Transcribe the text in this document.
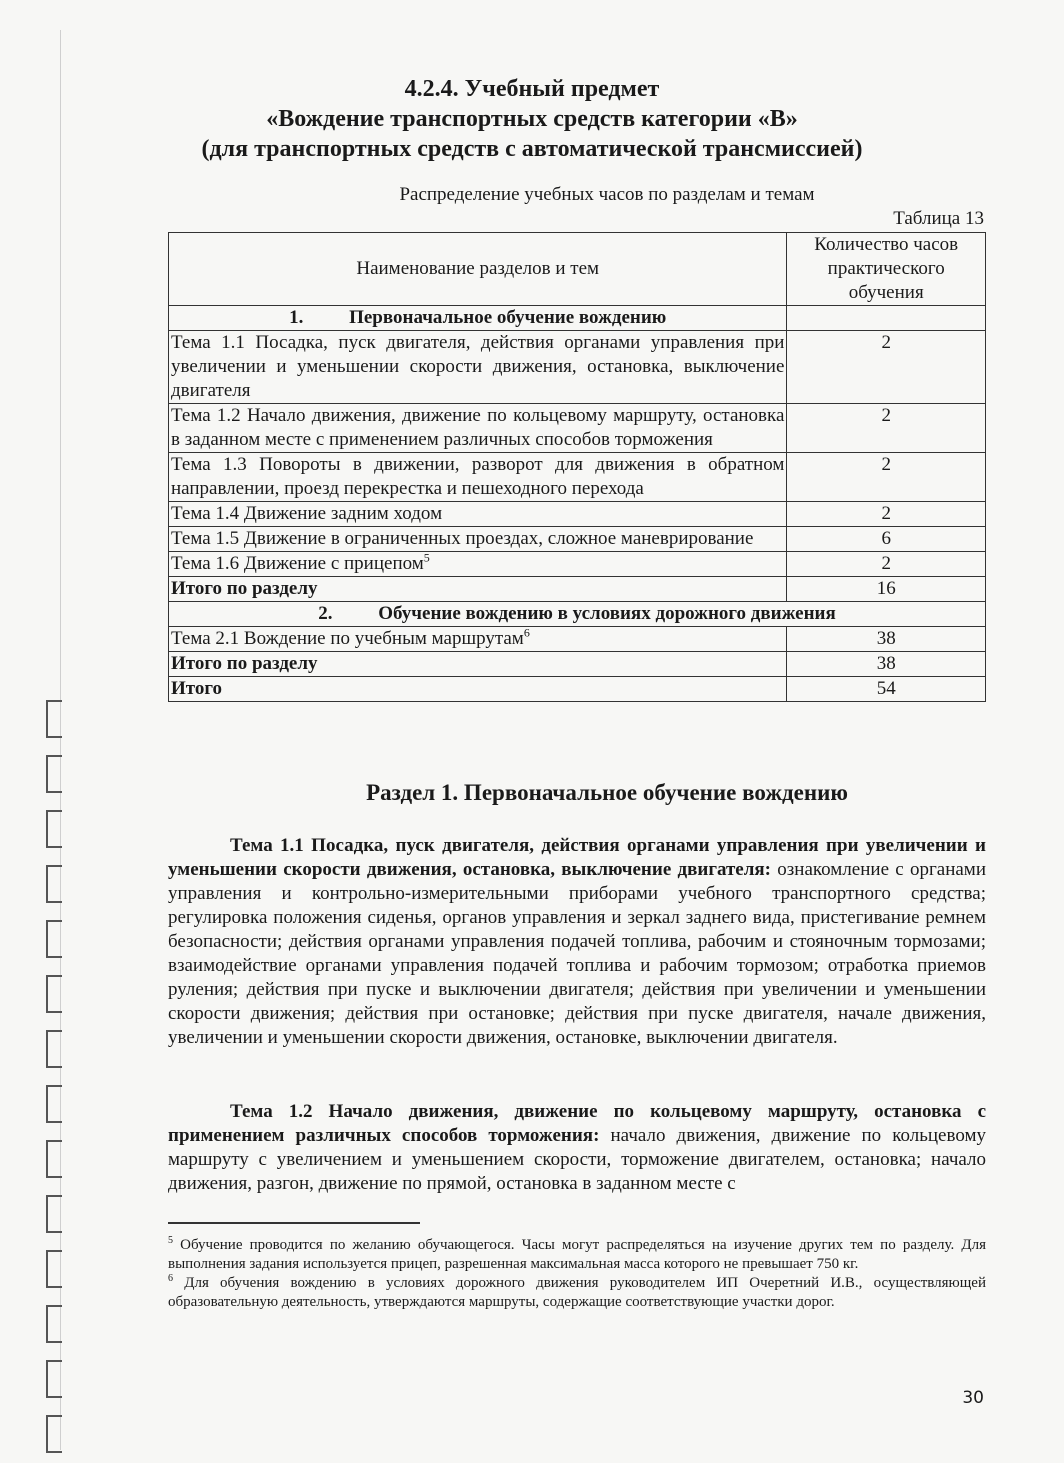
4.2.4. Учебный предмет
«Вождение транспортных средств категории «B»
(для транспортных средств с автоматической трансмиссией)
Распределение учебных часов по разделам и темам
Таблица 13
Наименование разделов и тем	Количество часов практического обучения
1. Первоначальное обучение вождению	
Тема 1.1 Посадка, пуск двигателя, действия органами управления при увеличении и уменьшении скорости движения, остановка, выключение двигателя	2
Тема 1.2 Начало движения, движение по кольцевому маршруту, остановка в заданном месте с применением различных способов торможения	2
Тема 1.3 Повороты в движении, разворот для движения в обратном направлении, проезд перекрестка и пешеходного перехода	2
Тема 1.4 Движение задним ходом	2
Тема 1.5 Движение в ограниченных проездах, сложное маневрирование	6
Тема 1.6 Движение с прицепом$^5$	2
Итого по разделу	16
2. Обучение вождению в условиях дорожного движения	
Тема 2.1 Вождение по учебным маршрутам$^6$	38
Итого по разделу	38
Итого	54
Раздел 1. Первоначальное обучение вождению
Тема 1.1 Посадка, пуск двигателя, действия органами управления при увеличении и уменьшении скорости движения, остановка, выключение двигателя: ознакомление с органами управления и контрольно-измерительными приборами учебного транспортного средства; регулировка положения сиденья, органов управления и зеркал заднего вида, пристегивание ремнем безопасности; действия органами управления подачей топлива, рабочим и стояночным тормозами; взаимодействие органами управления подачей топлива и рабочим тормозом; отработка приемов руления; действия при пуске и выключении двигателя; действия при увеличении и уменьшении скорости движения; действия при остановке; действия при пуске двигателя, начале движения, увеличении и уменьшении скорости движения, остановке, выключении двигателя.
Тема 1.2 Начало движения, движение по кольцевому маршруту, остановка с применением различных способов торможения: начало движения, движение по кольцевому маршруту с увеличением и уменьшением скорости, торможение двигателем, остановка; начало движения, разгон, движение по прямой, остановка в заданном месте с

$^5$ Обучение проводится по желанию обучающегося. Часы могут распределяться на изучение других тем по разделу. Для выполнения задания используется прицеп, разрешенная максимальная масса которого не превышает 750 кг.

$^6$ Для обучения вождению в условиях дорожного движения руководителем ИП Очеретний И.В., осуществляющей образовательную деятельность, утверждаются маршруты, содержащие соответствующие участки дорог.

30
